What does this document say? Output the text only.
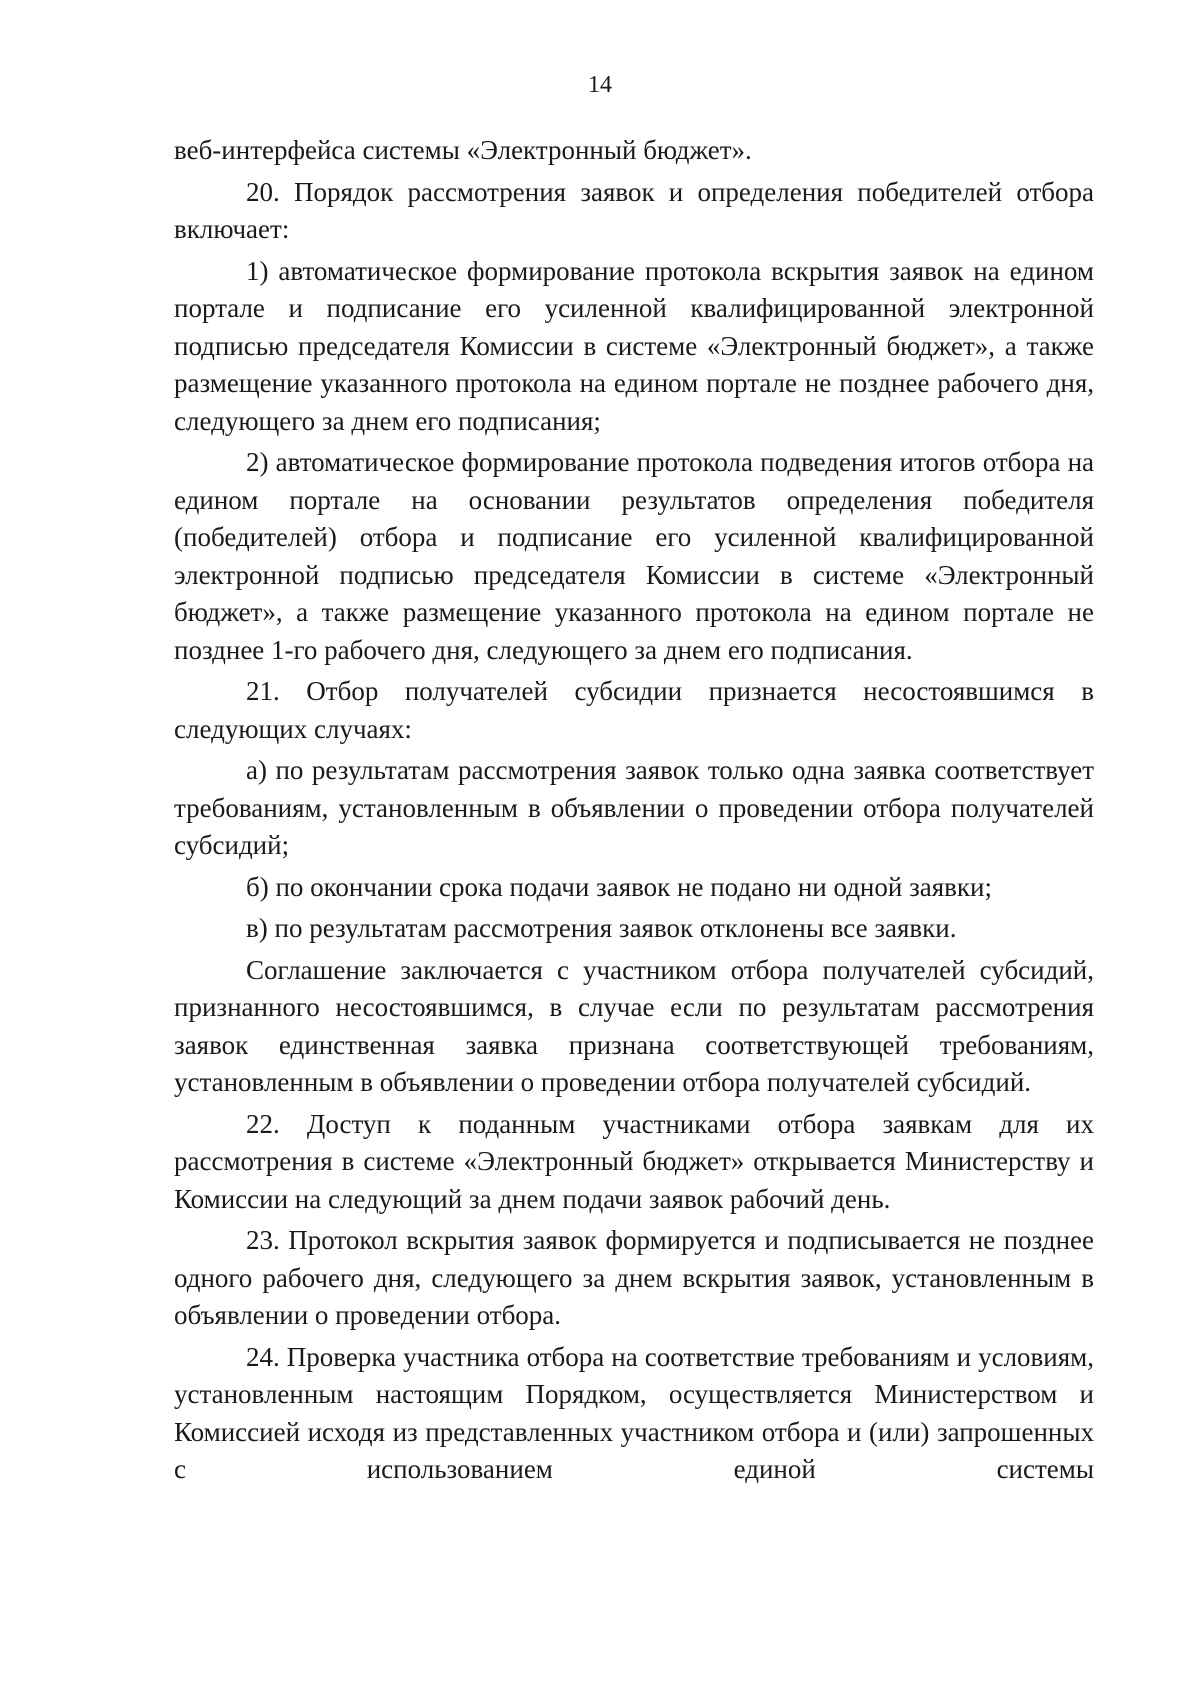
14

веб-интерфейса системы «Электронный бюджет».

20. Порядок рассмотрения заявок и определения победителей отбора включает:

1) автоматическое формирование протокола вскрытия заявок на едином портале и подписание его усиленной квалифицированной электронной подписью председателя Комиссии в системе «Электронный бюджет», а также размещение указанного протокола на едином портале не позднее рабочего дня, следующего за днем его подписания;

2) автоматическое формирование протокола подведения итогов отбора на едином портале на основании результатов определения победителя (победителей) отбора и подписание его усиленной квалифицированной электронной подписью председателя Комиссии в системе «Электронный бюджет», а также размещение указанного протокола на едином портале не позднее 1-го рабочего дня, следующего за днем его подписания.

21. Отбор получателей субсидии признается несостоявшимся в следующих случаях:

а) по результатам рассмотрения заявок только одна заявка соответствует требованиям, установленным в объявлении о проведении отбора получателей субсидий;

б) по окончании срока подачи заявок не подано ни одной заявки;

в) по результатам рассмотрения заявок отклонены все заявки.

Соглашение заключается с участником отбора получателей субсидий, признанного несостоявшимся, в случае если по результатам рассмотрения заявок единственная заявка признана соответствующей требованиям, установленным в объявлении о проведении отбора получателей субсидий.

22. Доступ к поданным участниками отбора заявкам для их рассмотрения в системе «Электронный бюджет» открывается Министерству и Комиссии на следующий за днем подачи заявок рабочий день.

23. Протокол вскрытия заявок формируется и подписывается не позднее одного рабочего дня, следующего за днем вскрытия заявок, установленным в объявлении о проведении отбора.

24. Проверка участника отбора на соответствие требованиям и условиям, установленным настоящим Порядком, осуществляется Министерством и Комиссией исходя из представленных участником отбора и (или) запрошенных с использованием единой системы
